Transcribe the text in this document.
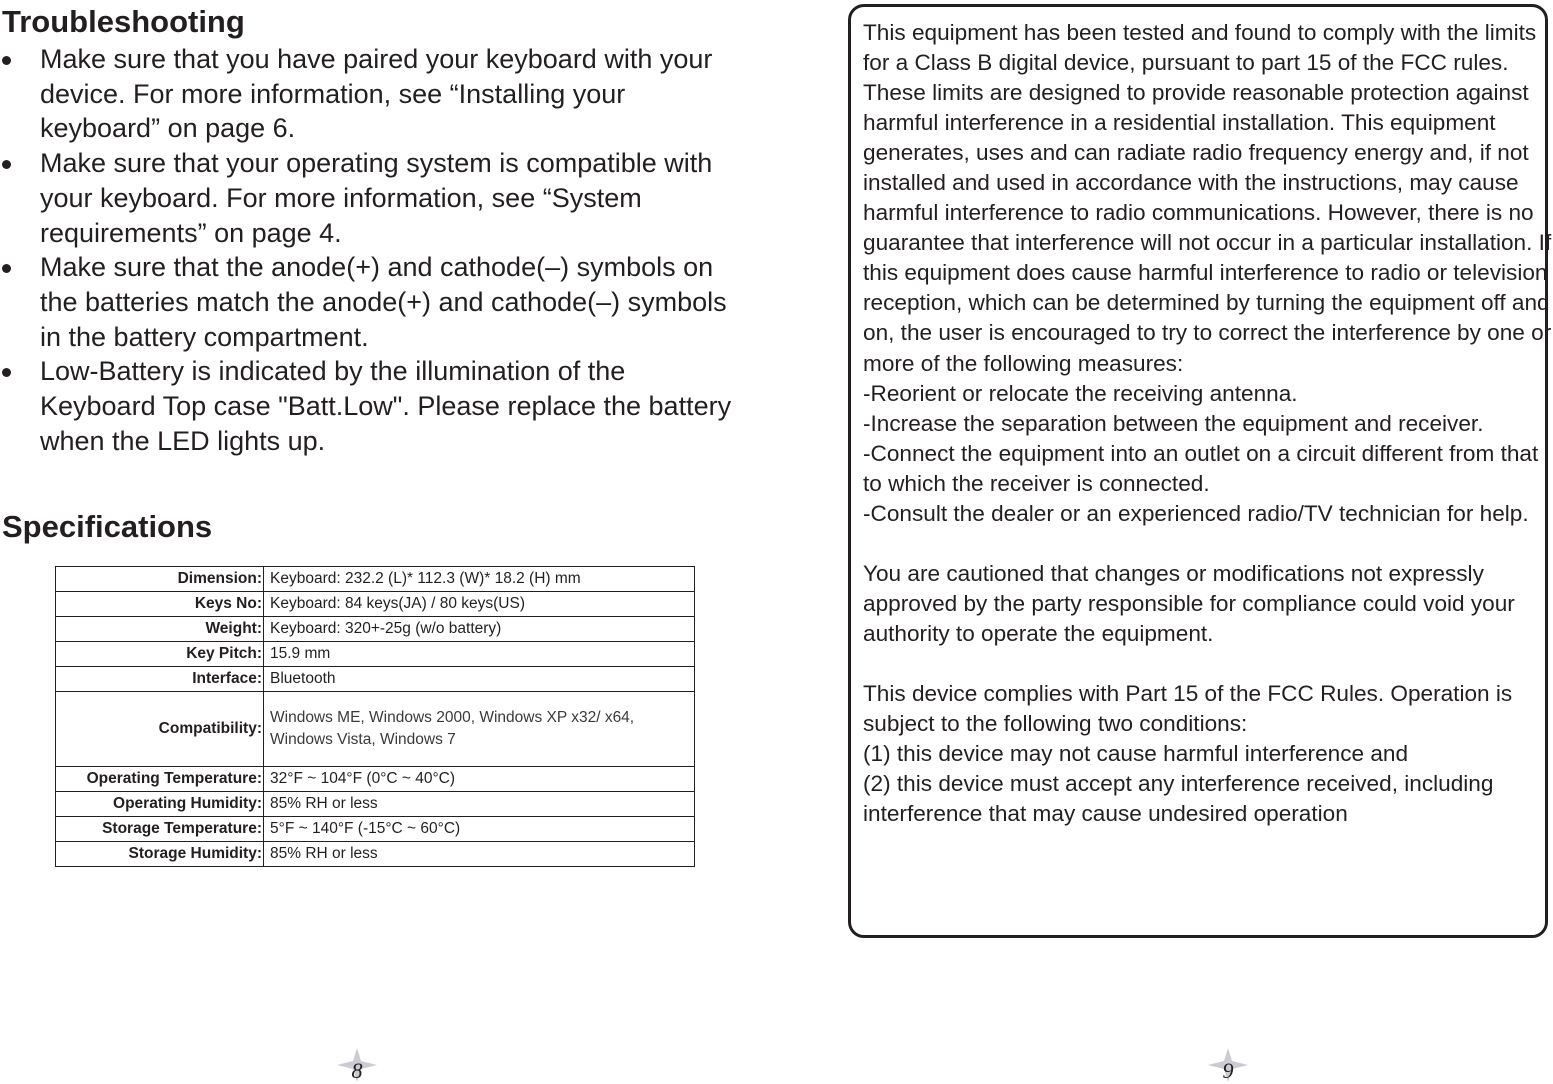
Troubleshooting
Make sure that you have paired your keyboard with your device. For more information, see “Installing your keyboard” on page 6.
Make sure that your operating system is compatible with your keyboard. For more information, see “System requirements” on page 4.
Make sure that the anode(+) and cathode(–) symbols on the batteries match the anode(+) and cathode(–) symbols in the battery compartment.
Low-Battery is indicated by the illumination of the Keyboard Top case "Batt.Low". Please replace the battery when the LED lights up.
Specifications
Dimension:	Keyboard: 232.2 (L)* 112.3 (W)* 18.2 (H) mm
Keys No:	Keyboard: 84 keys(JA) / 80 keys(US)
Weight:	Keyboard: 320+-25g (w/o battery)
Key Pitch:	15.9 mm
Interface:	Bluetooth
Compatibility:	Windows ME, Windows 2000, Windows XP x32/ x64, Windows Vista, Windows 7
Operating Temperature:	32°F ~ 104°F (0°C ~ 40°C)
Operating Humidity:	85% RH or less
Storage Temperature:	5°F ~ 140°F (-15°C ~ 60°C)
Storage Humidity:	85% RH or less
8

This equipment has been tested and found to comply with the limits for a Class B digital device, pursuant to part 15 of the FCC rules. These limits are designed to provide reasonable protection against harmful interference in a residential installation. This equipment generates, uses and can radiate radio frequency energy and, if not installed and used in accordance with the instructions, may cause harmful interference to radio communications. However, there is no guarantee that interference will not occur in a particular installation. If this equipment does cause harmful interference to radio or television reception, which can be determined by turning the equipment off and on, the user is encouraged to try to correct the interference by one or more of the following measures:

-Reorient or relocate the receiving antenna.

-Increase the separation between the equipment and receiver.

-Connect the equipment into an outlet on a circuit different from that to which the receiver is connected.

-Consult the dealer or an experienced radio/TV technician for help.

You are cautioned that changes or modifications not expressly approved by the party responsible for compliance could void your authority to operate the equipment.

This device complies with Part 15 of the FCC Rules. Operation is subject to the following two conditions:

(1) this device may not cause harmful interference and

(2) this device must accept any interference received, including interference that may cause undesired operation

9
